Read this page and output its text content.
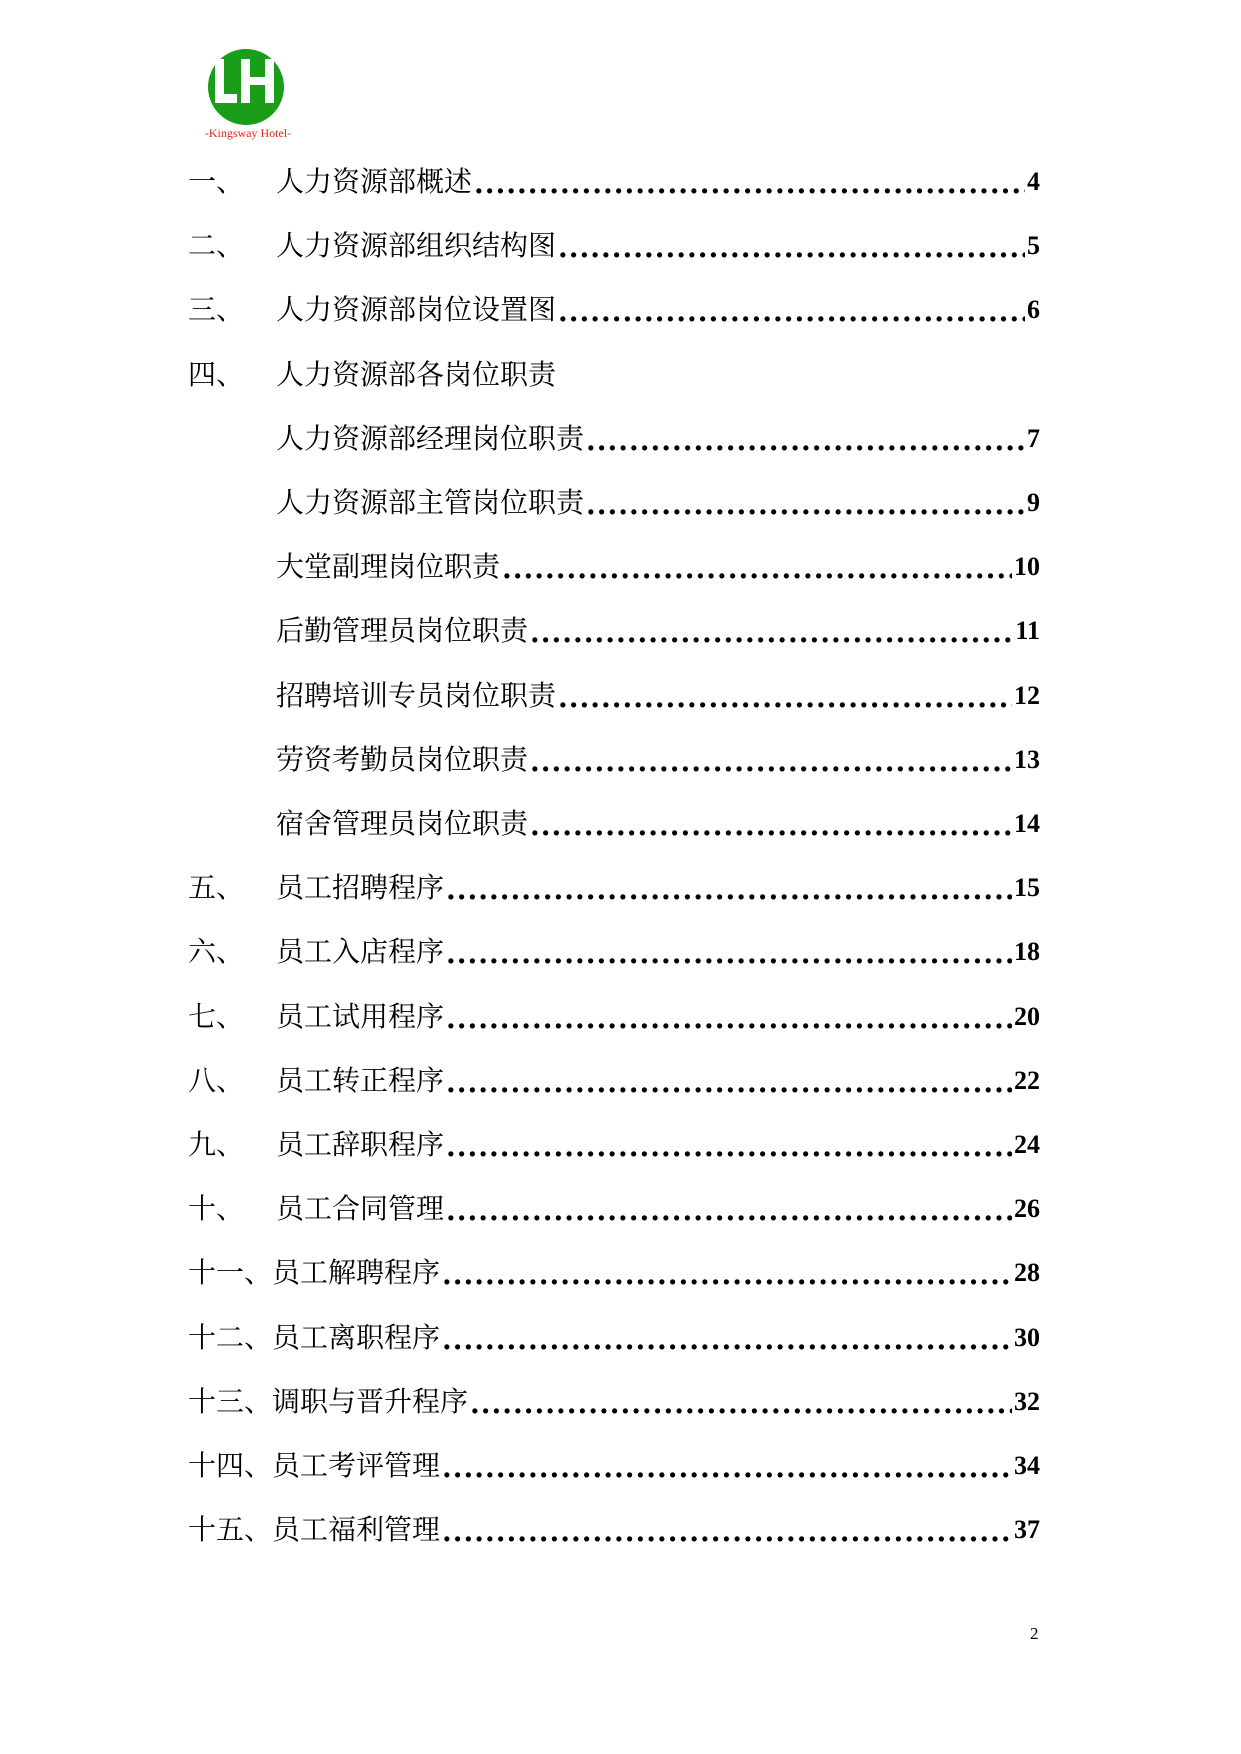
-Kingsway Hotel-
一、	人力资源部概述 .....	4
二、	人力资源部组织结构图 .....	5
三、	人力资源部岗位设置图 .....	6
四、	人力资源部各岗位职责
人力资源部经理岗位职责 .....	7
人力资源部主管岗位职责 .....	9
大堂副理岗位职责 .....	10
后勤管理员岗位职责 .....	11
招聘培训专员岗位职责 .....	12
劳资考勤员岗位职责 .....	13
宿舍管理员岗位职责 .....	14
五、	员工招聘程序 .....	15
六、	员工入店程序 .....	18
七、	员工试用程序 .....	20
八、	员工转正程序 .....	22
九、	员工辞职程序 .....	24
十、	员工合同管理 .....	26
十一、 员工解聘程序 .....	28
十二、 员工离职程序 .....	30
十三、 调职与晋升程序 .....	32
十四、 员工考评管理 .....	34
十五、 员工福利管理 .....	37
2
